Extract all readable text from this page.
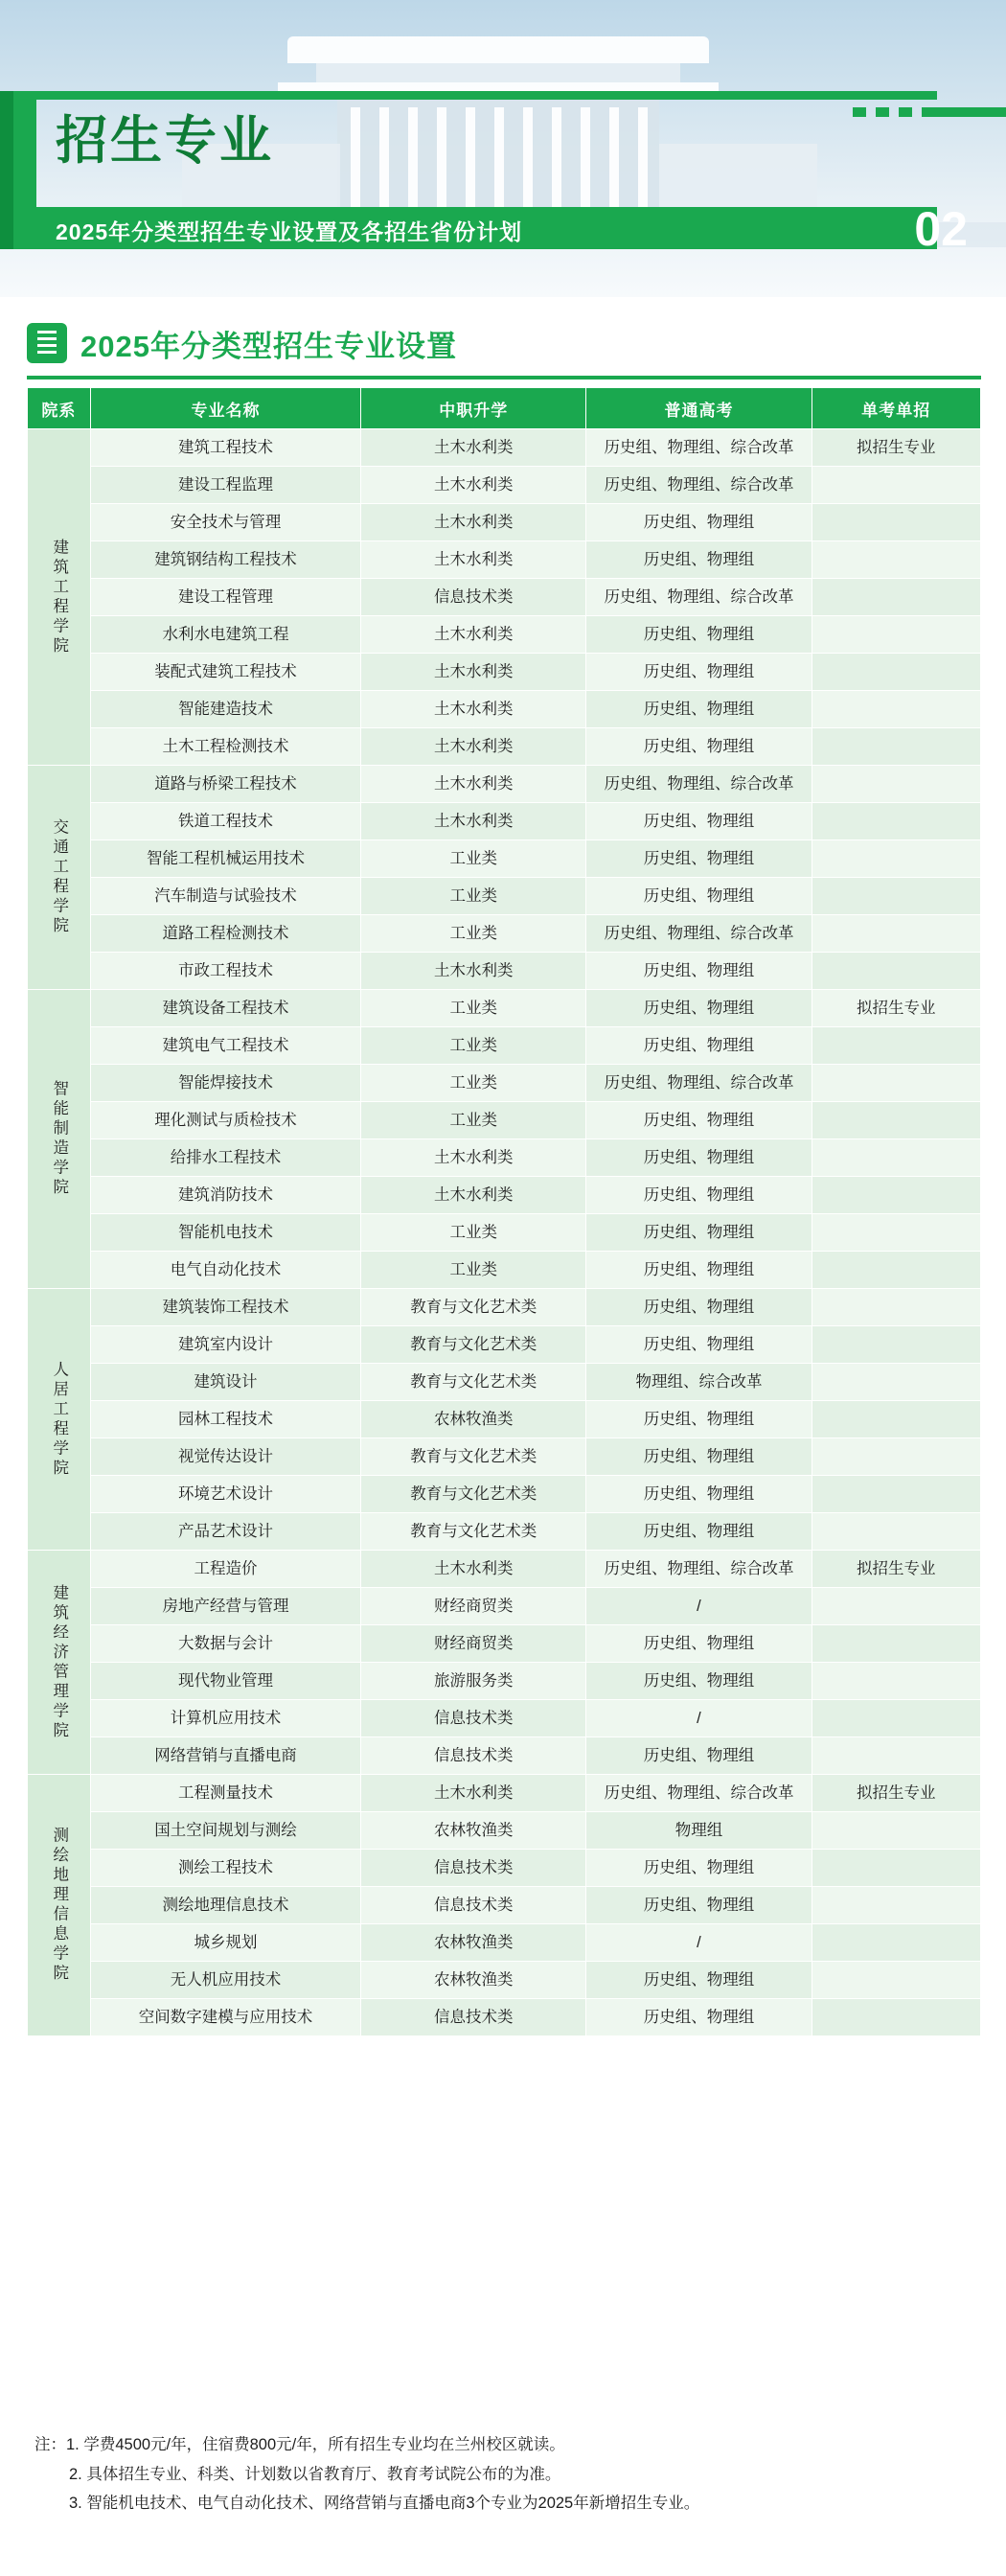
招生专业
2025年分类型招生专业设置及各招生省份计划	02
2025年分类型招生专业设置
院系	专业名称	中职升学	普通高考	单考单招
建筑工程学院	建筑工程技术	土木水利类	历史组、物理组、综合改革	拟招生专业
	建设工程监理	土木水利类	历史组、物理组、综合改革	
	安全技术与管理	土木水利类	历史组、物理组	
	建筑钢结构工程技术	土木水利类	历史组、物理组	
	建设工程管理	信息技术类	历史组、物理组、综合改革	
	水利水电建筑工程	土木水利类	历史组、物理组	
	装配式建筑工程技术	土木水利类	历史组、物理组	
	智能建造技术	土木水利类	历史组、物理组	
	土木工程检测技术	土木水利类	历史组、物理组	
交通工程学院	道路与桥梁工程技术	土木水利类	历史组、物理组、综合改革	
	铁道工程技术	土木水利类	历史组、物理组	
	智能工程机械运用技术	工业类	历史组、物理组	
	汽车制造与试验技术	工业类	历史组、物理组	
	道路工程检测技术	工业类	历史组、物理组、综合改革	
	市政工程技术	土木水利类	历史组、物理组	
智能制造学院	建筑设备工程技术	工业类	历史组、物理组	拟招生专业
	建筑电气工程技术	工业类	历史组、物理组	
	智能焊接技术	工业类	历史组、物理组、综合改革	
	理化测试与质检技术	工业类	历史组、物理组	
	给排水工程技术	土木水利类	历史组、物理组	
	建筑消防技术	土木水利类	历史组、物理组	
	智能机电技术	工业类	历史组、物理组	
	电气自动化技术	工业类	历史组、物理组	
人居工程学院	建筑装饰工程技术	教育与文化艺术类	历史组、物理组	
	建筑室内设计	教育与文化艺术类	历史组、物理组	
	建筑设计	教育与文化艺术类	物理组、综合改革	
	园林工程技术	农林牧渔类	历史组、物理组	
	视觉传达设计	教育与文化艺术类	历史组、物理组	
	环境艺术设计	教育与文化艺术类	历史组、物理组	
	产品艺术设计	教育与文化艺术类	历史组、物理组	
建筑经济管理学院	工程造价	土木水利类	历史组、物理组、综合改革	拟招生专业
	房地产经营与管理	财经商贸类	/	
	大数据与会计	财经商贸类	历史组、物理组	
	现代物业管理	旅游服务类	历史组、物理组	
	计算机应用技术	信息技术类	/	
	网络营销与直播电商	信息技术类	历史组、物理组	
测绘地理信息学院	工程测量技术	土木水利类	历史组、物理组、综合改革	拟招生专业
	国土空间规划与测绘	农林牧渔类	物理组	
	测绘工程技术	信息技术类	历史组、物理组	
	测绘地理信息技术	信息技术类	历史组、物理组	
	城乡规划	农林牧渔类	/	
	无人机应用技术	农林牧渔类	历史组、物理组	
	空间数字建模与应用技术	信息技术类	历史组、物理组	
注：1. 学费4500元/年，住宿费800元/年，所有招生专业均在兰州校区就读。
2. 具体招生专业、科类、计划数以省教育厅、教育考试院公布的为准。
3. 智能机电技术、电气自动化技术、网络营销与直播电商3个专业为2025年新增招生专业。
